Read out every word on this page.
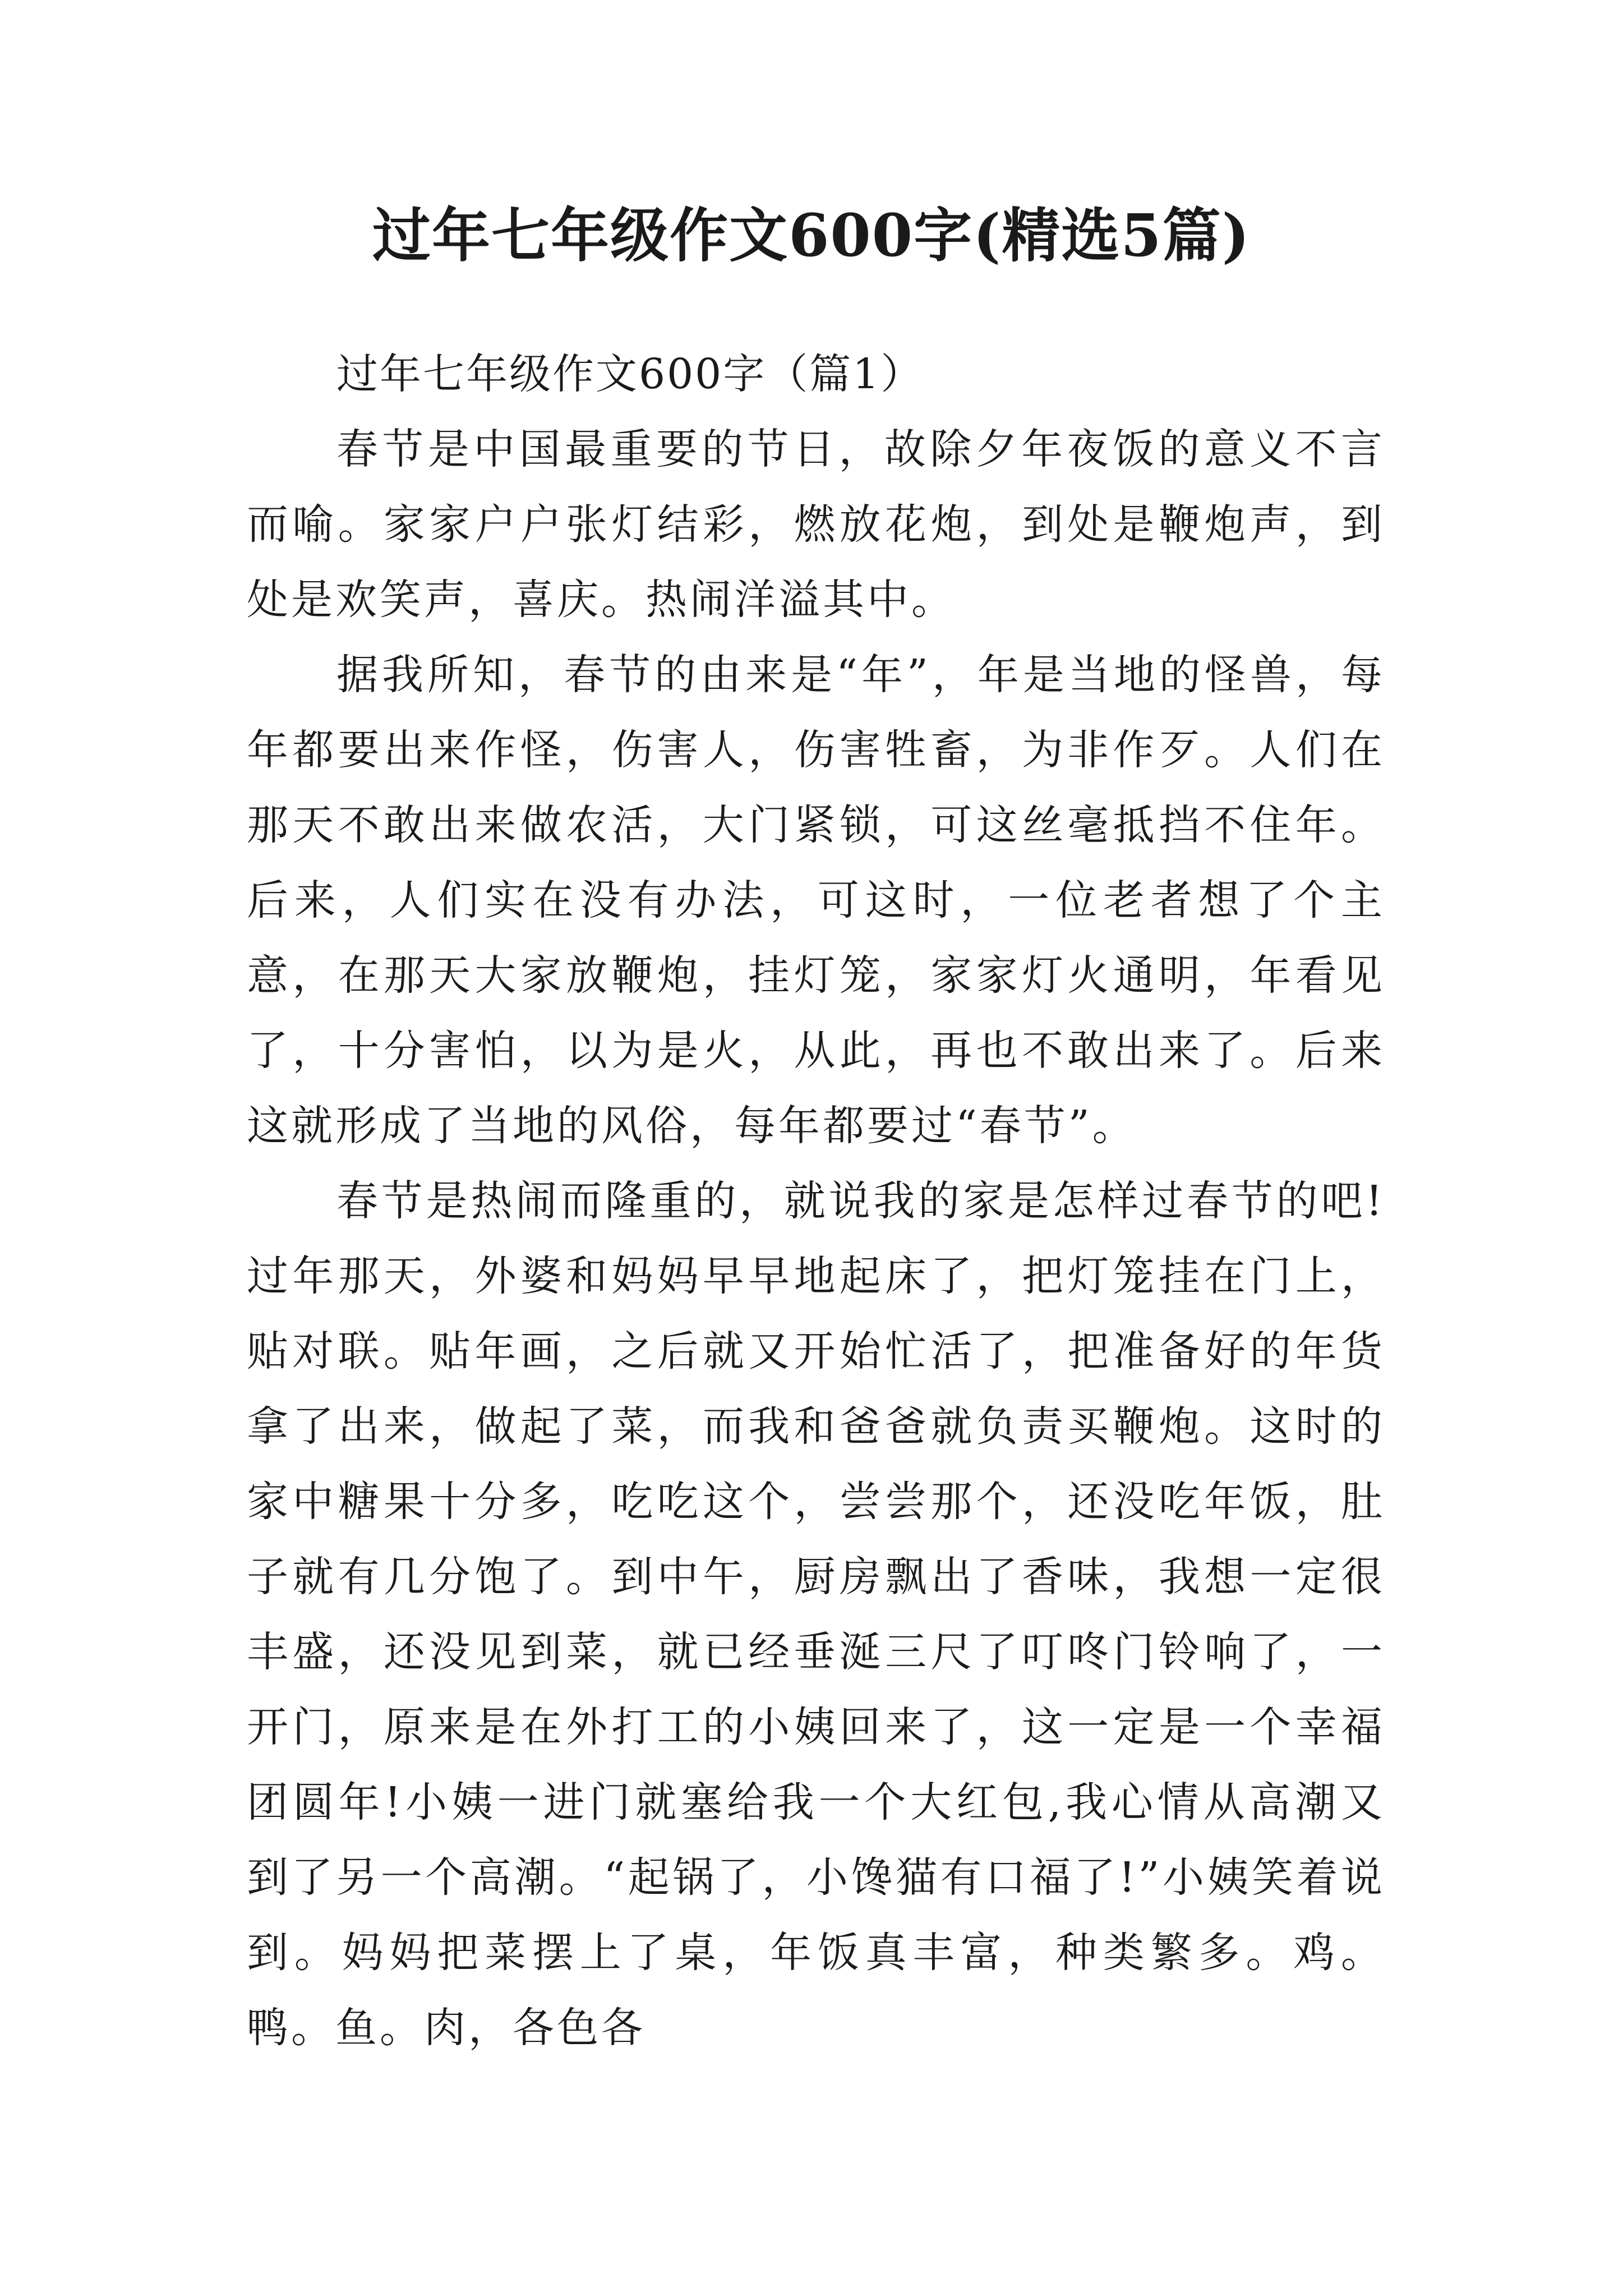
过年七年级作文600字(精选5篇)

过年七年级作文600字（篇1）

春节是中国最重要的节日，故除夕年夜饭的意义不言而喻。家家户户张灯结彩，燃放花炮，到处是鞭炮声，到处是欢笑声，喜庆。热闹洋溢其中。

据我所知，春节的由来是“年”，年是当地的怪兽，每年都要出来作怪，伤害人，伤害牲畜，为非作歹。人们在那天不敢出来做农活，大门紧锁，可这丝毫抵挡不住年。后来，人们实在没有办法，可这时，一位老者想了个主意，在那天大家放鞭炮，挂灯笼，家家灯火通明，年看见了，十分害怕，以为是火，从此，再也不敢出来了。后来这就形成了当地的风俗，每年都要过“春节”。

春节是热闹而隆重的，就说我的家是怎样过春节的吧!过年那天，外婆和妈妈早早地起床了，把灯笼挂在门上，贴对联。贴年画，之后就又开始忙活了，把准备好的年货拿了出来，做起了菜，而我和爸爸就负责买鞭炮。这时的家中糖果十分多，吃吃这个，尝尝那个，还没吃年饭，肚子就有几分饱了。到中午，厨房飘出了香味，我想一定很丰盛，还没见到菜，就已经垂涎三尺了叮咚门铃响了，一开门，原来是在外打工的小姨回来了，这一定是一个幸福团圆年!小姨一进门就塞给我一个大红包,我心情从高潮又到了另一个高潮。“起锅了，小馋猫有口福了!”小姨笑着说到。妈妈把菜摆上了桌，年饭真丰富，种类繁多。鸡。鸭。鱼。肉，各色各
